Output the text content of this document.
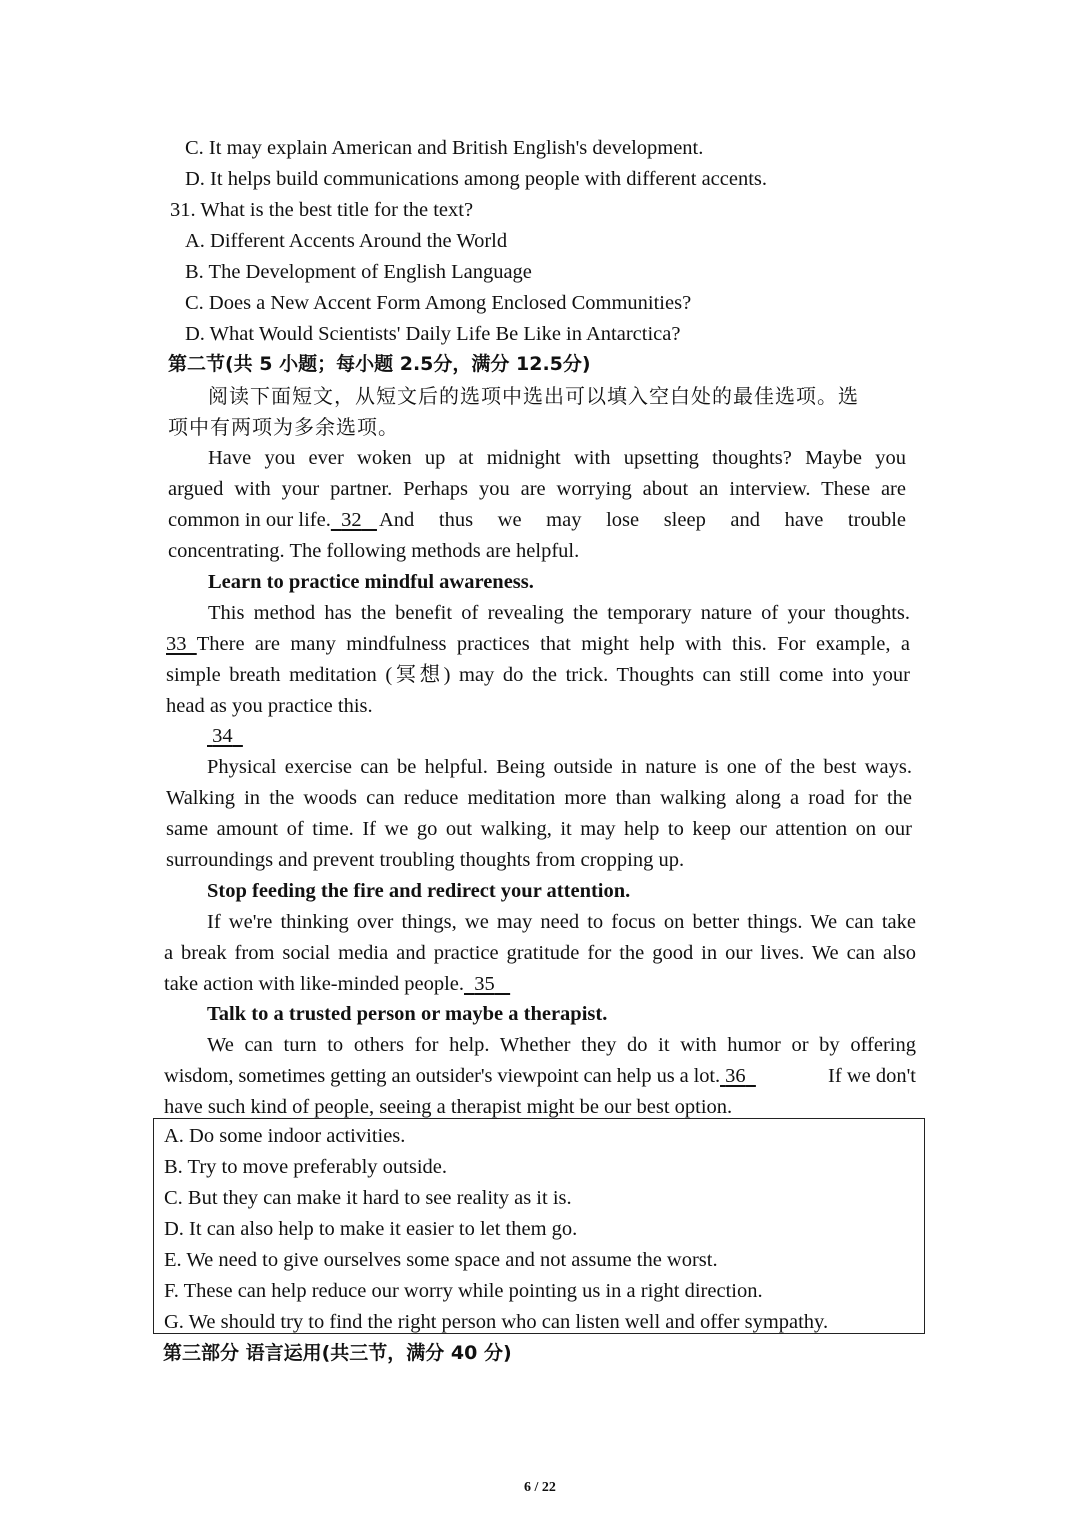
C. It may explain American and British English's development.
D. It helps build communications among people with different accents.
31. What is the best title for the text?
A. Different Accents Around the World
B. The Development of English Language
C. Does a New Accent Form Among Enclosed Communities?
D. What Would Scientists' Daily Life Be Like in Antarctica?
第二节(共 5 小题；每小题 2.5分，满分 12.5分)
阅读下面短文，从短文后的选项中选出可以填入空白处的最佳选项。选
项中有两项为多余选项。
Have you ever woken up at midnight with upsetting thoughts? Maybe you
argued with your partner. Perhaps you are worrying about an interview. These are
common in our life. 32 And thus we may lose sleep and have trouble
concentrating. The following methods are helpful.
Learn to practice mindful awareness.
This method has the benefit of revealing the temporary nature of your thoughts.
33 There are many mindfulness practices that might help with this. For example, a
simple breath meditation (冥想) may do the trick. Thoughts can still come into your
head as you practice this.
34
Physical exercise can be helpful. Being outside in nature is one of the best ways.
Walking in the woods can reduce meditation more than walking along a road for the
same amount of time. If we go out walking, it may help to keep our attention on our
surroundings and prevent troubling thoughts from cropping up.
Stop feeding the fire and redirect your attention.
If we're thinking over things, we may need to focus on better things. We can take
a break from social media and practice gratitude for the good in our lives. We can also
take action with like-minded people. 35
Talk to a trusted person or maybe a therapist.
We can turn to others for help. Whether they do it with humor or by offering
wisdom, sometimes getting an outsider's viewpoint can help us a lot. 36	If we don't
have such kind of people, seeing a therapist might be our best option.
A. Do some indoor activities.
B. Try to move preferably outside.
C. But they can make it hard to see reality as it is.
D. It can also help to make it easier to let them go.
E. We need to give ourselves some space and not assume the worst.
F. These can help reduce our worry while pointing us in a right direction.
G. We should try to find the right person who can listen well and offer sympathy.
第三部分 语言运用(共三节，满分 40 分)
6 / 22
